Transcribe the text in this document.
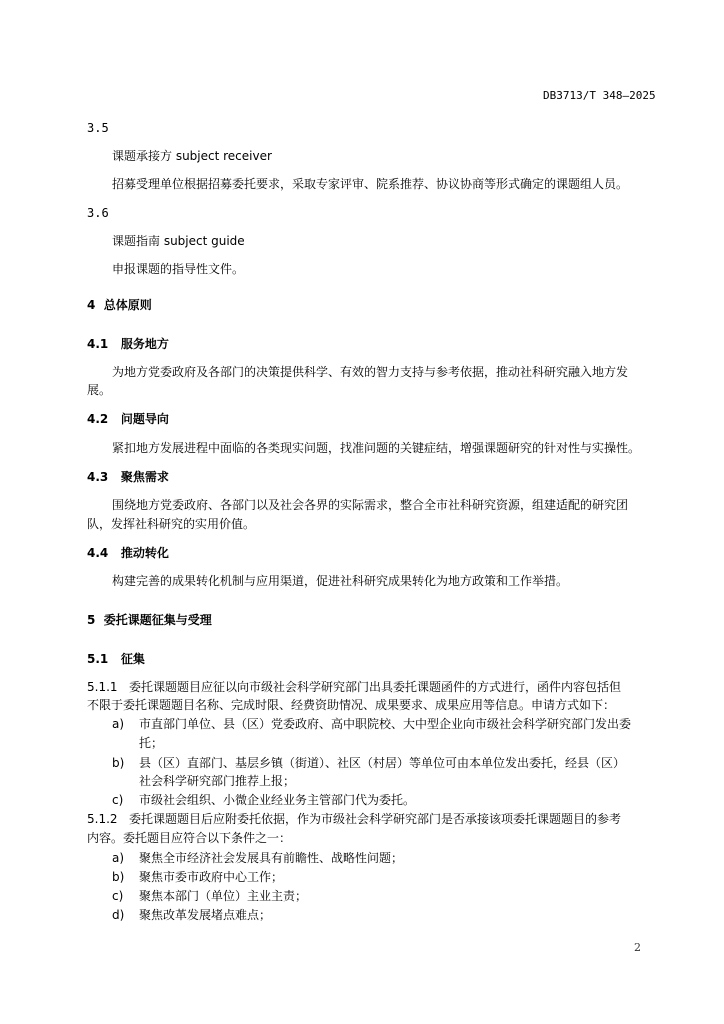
DB3713/T 348—2025
3.5
课题承接方 subject receiver
招募受理单位根据招募委托要求，采取专家评审、院系推荐、协议协商等形式确定的课题组人员。
3.6
课题指南 subject guide
申报课题的指导性文件。
4 总体原则
4.1 服务地方
为地方党委政府及各部门的决策提供科学、有效的智力支持与参考依据，推动社科研究融入地方发
展。
4.2 问题导向
紧扣地方发展进程中面临的各类现实问题，找准问题的关键症结，增强课题研究的针对性与实操性。
4.3 聚焦需求
围绕地方党委政府、各部门以及社会各界的实际需求，整合全市社科研究资源，组建适配的研究团
队，发挥社科研究的实用价值。
4.4 推动转化
构建完善的成果转化机制与应用渠道，促进社科研究成果转化为地方政策和工作举措。
5 委托课题征集与受理
5.1 征集
5.1.1 委托课题题目应征以向市级社会科学研究部门出具委托课题函件的方式进行，函件内容包括但
不限于委托课题题目名称、完成时限、经费资助情况、成果要求、成果应用等信息。申请方式如下：
a) 市直部门单位、县（区）党委政府、高中职院校、大中型企业向市级社会科学研究部门发出委
托；
b) 县（区）直部门、基层乡镇（街道）、社区（村居）等单位可由本单位发出委托，经县（区）
社会科学研究部门推荐上报；
c) 市级社会组织、小微企业经业务主管部门代为委托。
5.1.2 委托课题题目后应附委托依据，作为市级社会科学研究部门是否承接该项委托课题题目的参考
内容。委托题目应符合以下条件之一：
a) 聚焦全市经济社会发展具有前瞻性、战略性问题；
b) 聚焦市委市政府中心工作；
c) 聚焦本部门（单位）主业主责；
d) 聚焦改革发展堵点难点；
2
